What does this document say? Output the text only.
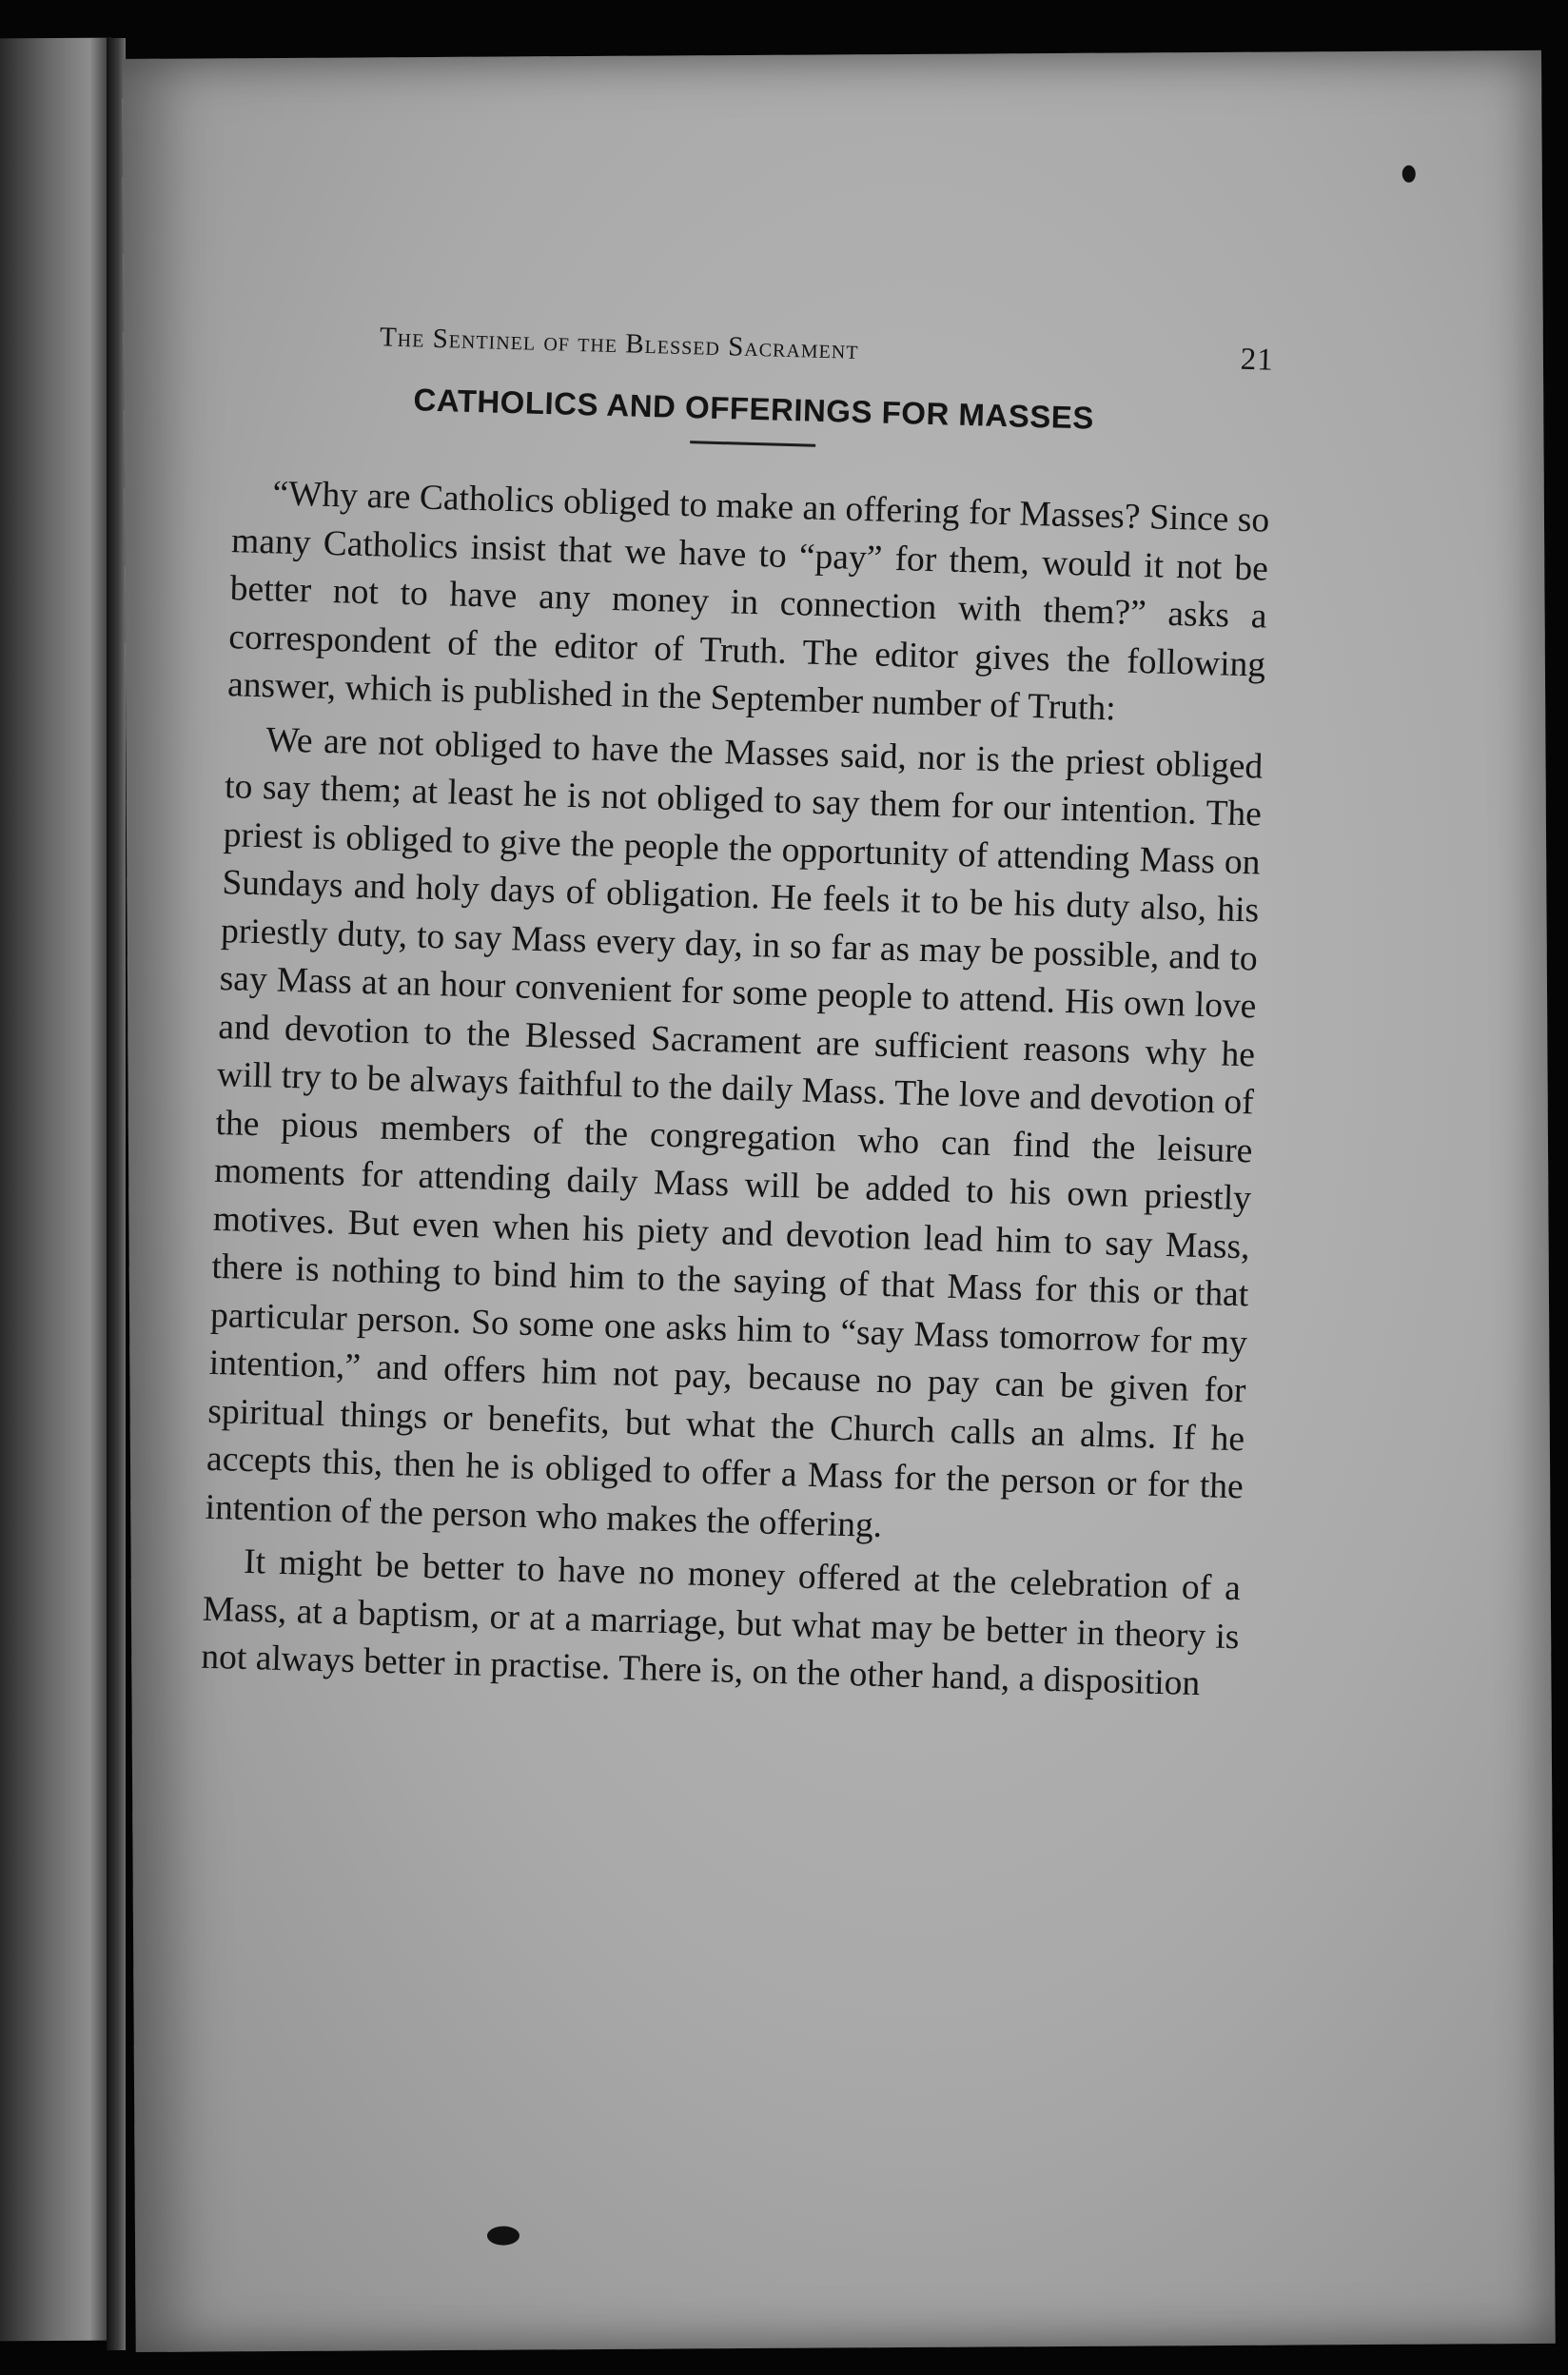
The Sentinel of the Blessed Sacrament	21
CATHOLICS AND OFFERINGS FOR MASSES

“Why are Catholics obliged to make an offering for Masses? Since so many Catholics insist that we have to “pay” for them, would it not be better not to have any money in connection with them?” asks a correspondent of the editor of Truth. The editor gives the following answer, which is published in the September number of Truth:

We are not obliged to have the Masses said, nor is the priest obliged to say them; at least he is not obliged to say them for our intention. The priest is obliged to give the people the opportunity of attending Mass on Sundays and holy days of obligation. He feels it to be his duty also, his priestly duty, to say Mass every day, in so far as may be possible, and to say Mass at an hour convenient for some people to attend. His own love and devotion to the Blessed Sacrament are sufficient reasons why he will try to be always faithful to the daily Mass. The love and devotion of the pious members of the congregation who can find the leisure moments for attending daily Mass will be added to his own priestly motives. But even when his piety and devotion lead him to say Mass, there is nothing to bind him to the saying of that Mass for this or that particular person. So some one asks him to “say Mass tomorrow for my intention,” and offers him not pay, because no pay can be given for spiritual things or benefits, but what the Church calls an alms. If he accepts this, then he is obliged to offer a Mass for the person or for the intention of the person who makes the offering.

It might be better to have no money offered at the celebration of a Mass, at a baptism, or at a marriage, but what may be better in theory is not always better in practise. There is, on the other hand, a disposition
